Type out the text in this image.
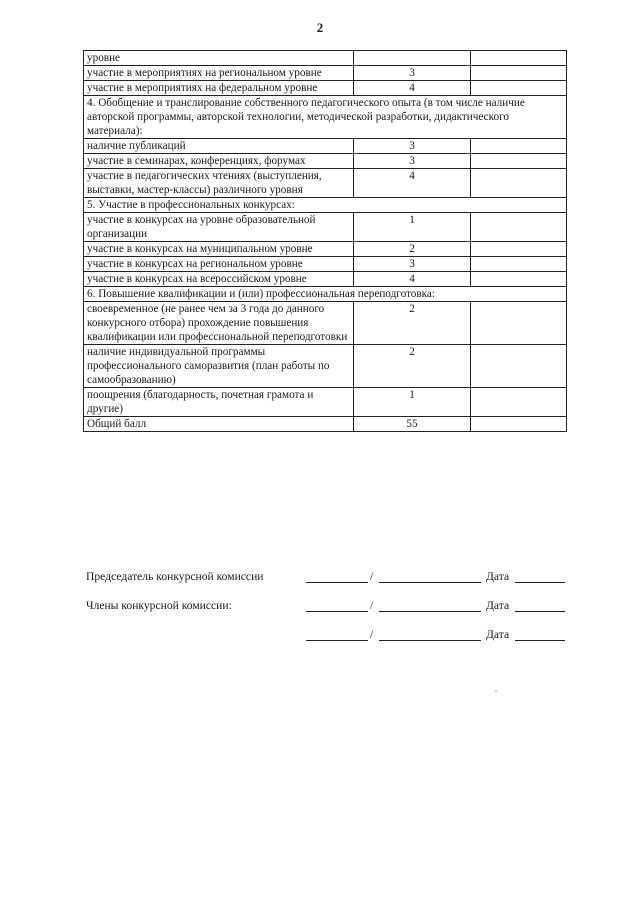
2
уровне		
участие в мероприятиях на региональном уровне	3	
участие в мероприятиях на федеральном уровне	4	
4. Обобщение и транслирование собственного педагогического опыта (в том числе наличие авторской программы, авторской технологии, методической разработки, дидактического материала):		
наличие публикаций	3	
участие в семинарах, конференциях, форумах	3	
участие в педагогических чтениях (выступления, выставки, мастер-классы) различного уровня	4	
5. Участие в профессиональных конкурсах:		
участие в конкурсах на уровне образовательной организации	1	
участие в конкурсах на муниципальном уровне	2	
участие в конкурсах на региональном уровне	3	
участие в конкурсах на всероссийском уровне	4	
6. Повышение квалификации и (или) профессиональная переподготовка:		
своевременное (не ранее чем за 3 года до данного конкурсного отбора) прохождение повышения квалификации или профессиональной переподготовки	2	
наличие индивидуальной программы профессионального саморазвития (план работы по самообразованию)	2	
поощрения (благодарность, почетная грамота и другие)	1	
Общий балл	55	
Председатель конкурсной комиссии	/	Дата
Члены конкурсной комиссии:	/	Дата
/	Дата
